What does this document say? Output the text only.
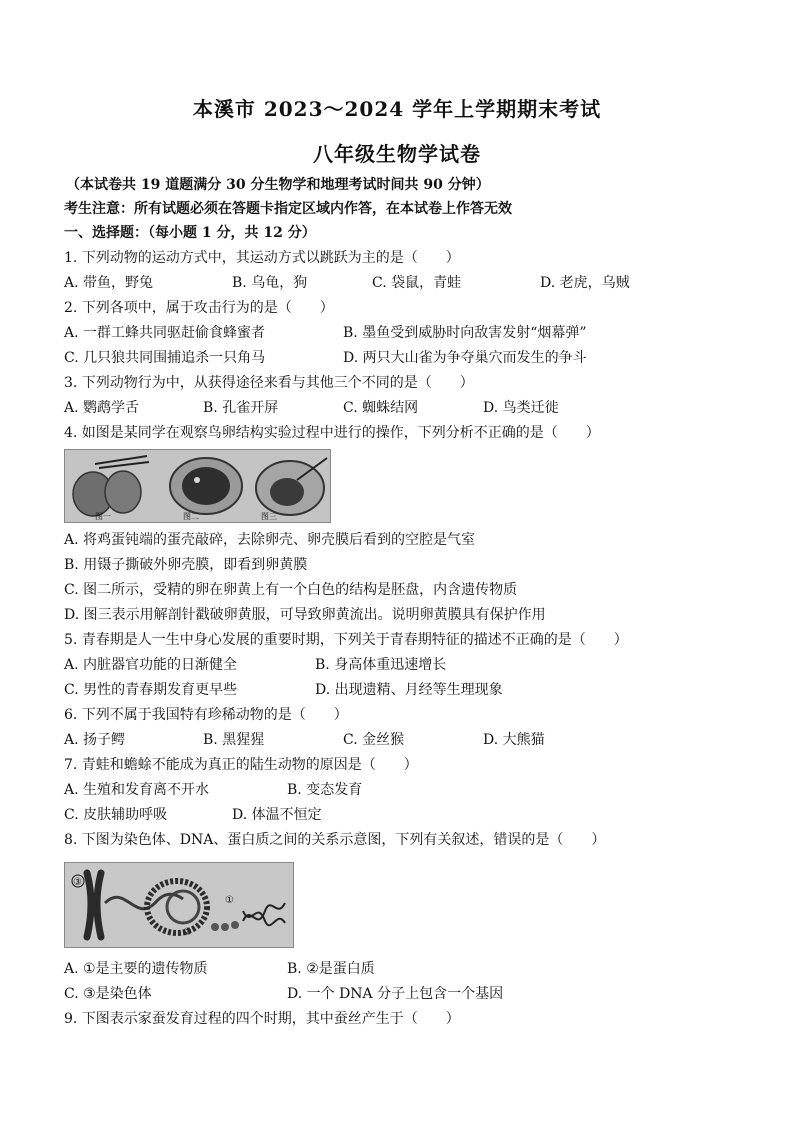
本溪市 2023～2024 学年上学期期末考试
八年级生物学试卷
（本试卷共 19 道题满分 30 分生物学和地理考试时间共 90 分钟）
考生注意：所有试题必须在答题卡指定区域内作答，在本试卷上作答无效
一、选择题：（每小题 1 分，共 12 分）
1. 下列动物的运动方式中，其运动方式以跳跃为主的是（　　）
A. 带鱼，野兔	B. 乌龟，狗	C. 袋鼠，青蛙	D. 老虎，乌贼
2. 下列各项中，属于攻击行为的是（　　）
A. 一群工蜂共同驱赶偷食蜂蜜者	B. 墨鱼受到威胁时向敌害发射“烟幕弹”
C. 几只狼共同围捕追杀一只角马	D. 两只大山雀为争夺巢穴而发生的争斗
3. 下列动物行为中，从获得途径来看与其他三个不同的是（　　）
A. 鹦鹉学舌	B. 孔雀开屏	C. 蜘蛛结网	D. 鸟类迁徙
4. 如图是某同学在观察鸟卵结构实验过程中进行的操作，下列分析不正确的是（　　）
图一	图二	图三
A. 将鸡蛋钝端的蛋壳敲碎，去除卵壳、卵壳膜后看到的空腔是气室
B. 用镊子撕破外卵壳膜，即看到卵黄膜
C. 图二所示，受精的卵在卵黄上有一个白色的结构是胚盘，内含遗传物质
D. 图三表示用解剖针戳破卵黄服，可导致卵黄流出。说明卵黄膜具有保护作用
5. 青春期是人一生中身心发展的重要时期，下列关于青春期特征的描述不正确的是（　　）
A. 内脏器官功能的日渐健全	B. 身高体重迅速增长
C. 男性的青春期发育更早些	D. 出现遗精、月经等生理现象
6. 下列不属于我国特有珍稀动物的是（　　）
A. 扬子鳄	B. 黑猩猩	C. 金丝猴	D. 大熊猫
7. 青蛙和蟾蜍不能成为真正的陆生动物的原因是（　　）
A. 生殖和发育离不开水	B. 变态发育
C. 皮肤辅助呼吸	D. 体温不恒定
8. 下图为染色体、DNA、蛋白质之间的关系示意图，下列有关叙述，错误的是（　　）
③
①
②
A. ①是主要的遗传物质	B. ②是蛋白质
C. ③是染色体	D. 一个 DNA 分子上包含一个基因
9. 下图表示家蚕发育过程的四个时期，其中蚕丝产生于（　　）
